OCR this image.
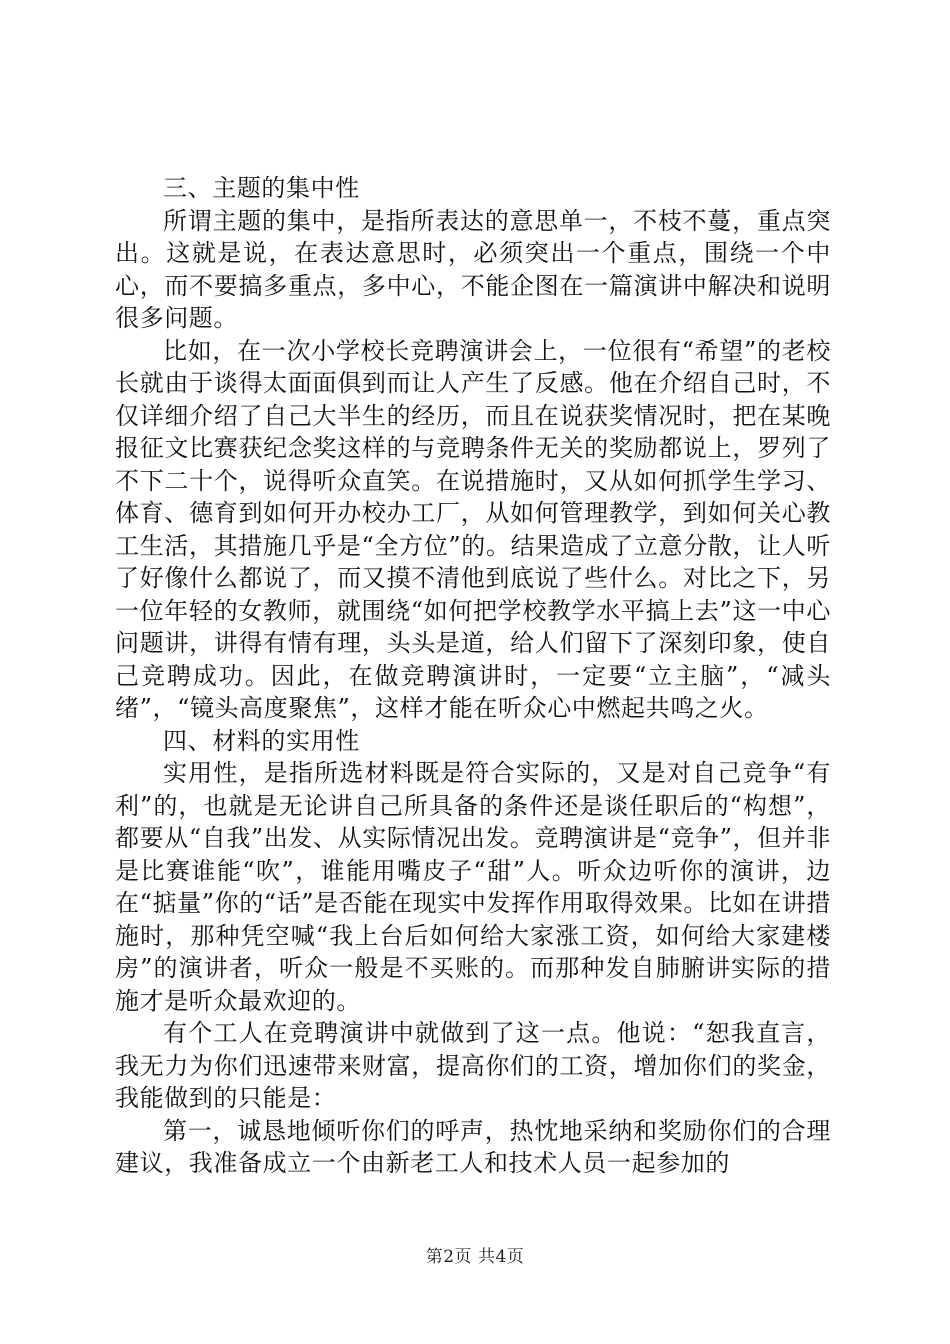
三、主题的集中性

所谓主题的集中，是指所表达的意思单一，不枝不蔓，重点突出。这就是说，在表达意思时，必须突出一个重点，围绕一个中心，而不要搞多重点，多中心，不能企图在一篇演讲中解决和说明很多问题。

比如，在一次小学校长竞聘演讲会上，一位很有“希望”的老校长就由于谈得太面面俱到而让人产生了反感。他在介绍自己时，不仅详细介绍了自己大半生的经历，而且在说获奖情况时，把在某晚报征文比赛获纪念奖这样的与竞聘条件无关的奖励都说上，罗列了不下二十个，说得听众直笑。在说措施时，又从如何抓学生学习、体育、德育到如何开办校办工厂，从如何管理教学，到如何关心教工生活，其措施几乎是“全方位”的。结果造成了立意分散，让人听了好像什么都说了，而又摸不清他到底说了些什么。对比之下，另一位年轻的女教师，就围绕“如何把学校教学水平搞上去”这一中心问题讲，讲得有情有理，头头是道，给人们留下了深刻印象，使自己竞聘成功。因此，在做竞聘演讲时，一定要“立主脑”，“减头绪”，“镜头高度聚焦”，这样才能在听众心中燃起共鸣之火。

四、材料的实用性

实用性，是指所选材料既是符合实际的，又是对自己竞争“有利”的，也就是无论讲自己所具备的条件还是谈任职后的“构想”，都要从“自我”出发、从实际情况出发。竞聘演讲是“竞争”，但并非是比赛谁能“吹”，谁能用嘴皮子“甜”人。听众边听你的演讲，边在“掂量”你的“话”是否能在现实中发挥作用取得效果。比如在讲措施时，那种凭空喊“我上台后如何给大家涨工资，如何给大家建楼房”的演讲者，听众一般是不买账的。而那种发自肺腑讲实际的措施才是听众最欢迎的。

有个工人在竞聘演讲中就做到了这一点。他说：“恕我直言，我无力为你们迅速带来财富，提高你们的工资，增加你们的奖金，我能做到的只能是：

第一，诚恳地倾听你们的呼声，热忱地采纳和奖励你们的合理建议，我准备成立一个由新老工人和技术人员一起参加的

第2页 共4页
